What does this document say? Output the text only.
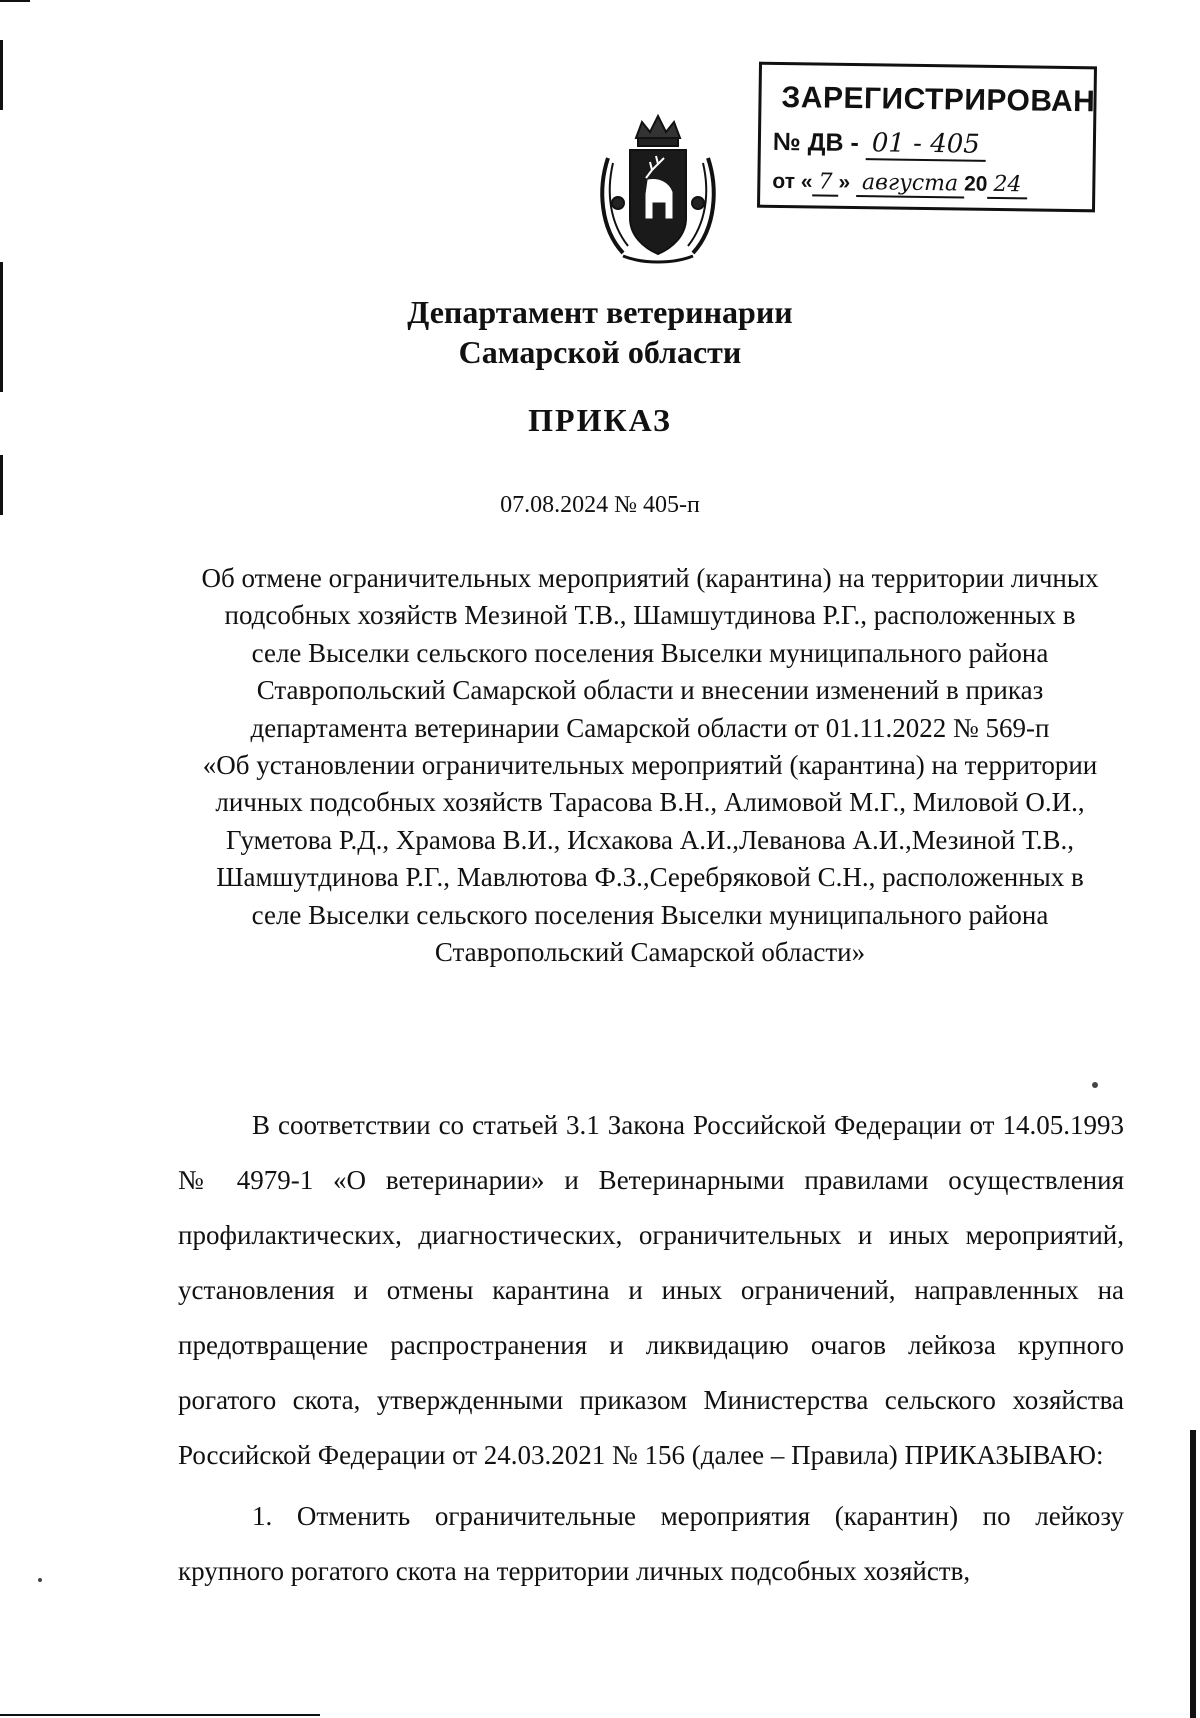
ЗАРЕГИСТРИРОВАН
№ ДВ - 01 - 405
от « 7 » августа 20 24
Департамент ветеринарии
Самарской области
ПРИКАЗ
07.08.2024 № 405-п
Об отмене ограничительных мероприятий (карантина) на территории личных
подсобных хозяйств Мезиной Т.В., Шамшутдинова Р.Г., расположенных в
селе Выселки сельского поселения Выселки муниципального района
Ставропольский Самарской области и внесении изменений в приказ
департамента ветеринарии Самарской области от 01.11.2022 № 569-п
«Об установлении ограничительных мероприятий (карантина) на территории
личных подсобных хозяйств Тарасова В.Н., Алимовой М.Г., Миловой О.И.,
Гуметова Р.Д., Храмова В.И., Исхакова А.И.,Леванова А.И.,Мезиной Т.В.,
Шамшутдинова Р.Г., Мавлютова Ф.З.,Серебряковой С.Н., расположенных в
селе Выселки сельского поселения Выселки муниципального района
Ставропольский Самарской области»

В соответствии со статьей 3.1 Закона Российской Федерации от 14.05.1993 № 4979-1 «О ветеринарии» и Ветеринарными правилами осуществления профилактических, диагностических, ограничительных и иных мероприятий, установления и отмены карантина и иных ограничений, направленных на предотвращение распространения и ликвидацию очагов лейкоза крупного рогатого скота, утвержденными приказом Министерства сельского хозяйства Российской Федерации от 24.03.2021 № 156 (далее – Правила) ПРИКАЗЫВАЮ:

1. Отменить ограничительные мероприятия (карантин) по лейкозу крупного рогатого скота на территории личных подсобных хозяйств,
